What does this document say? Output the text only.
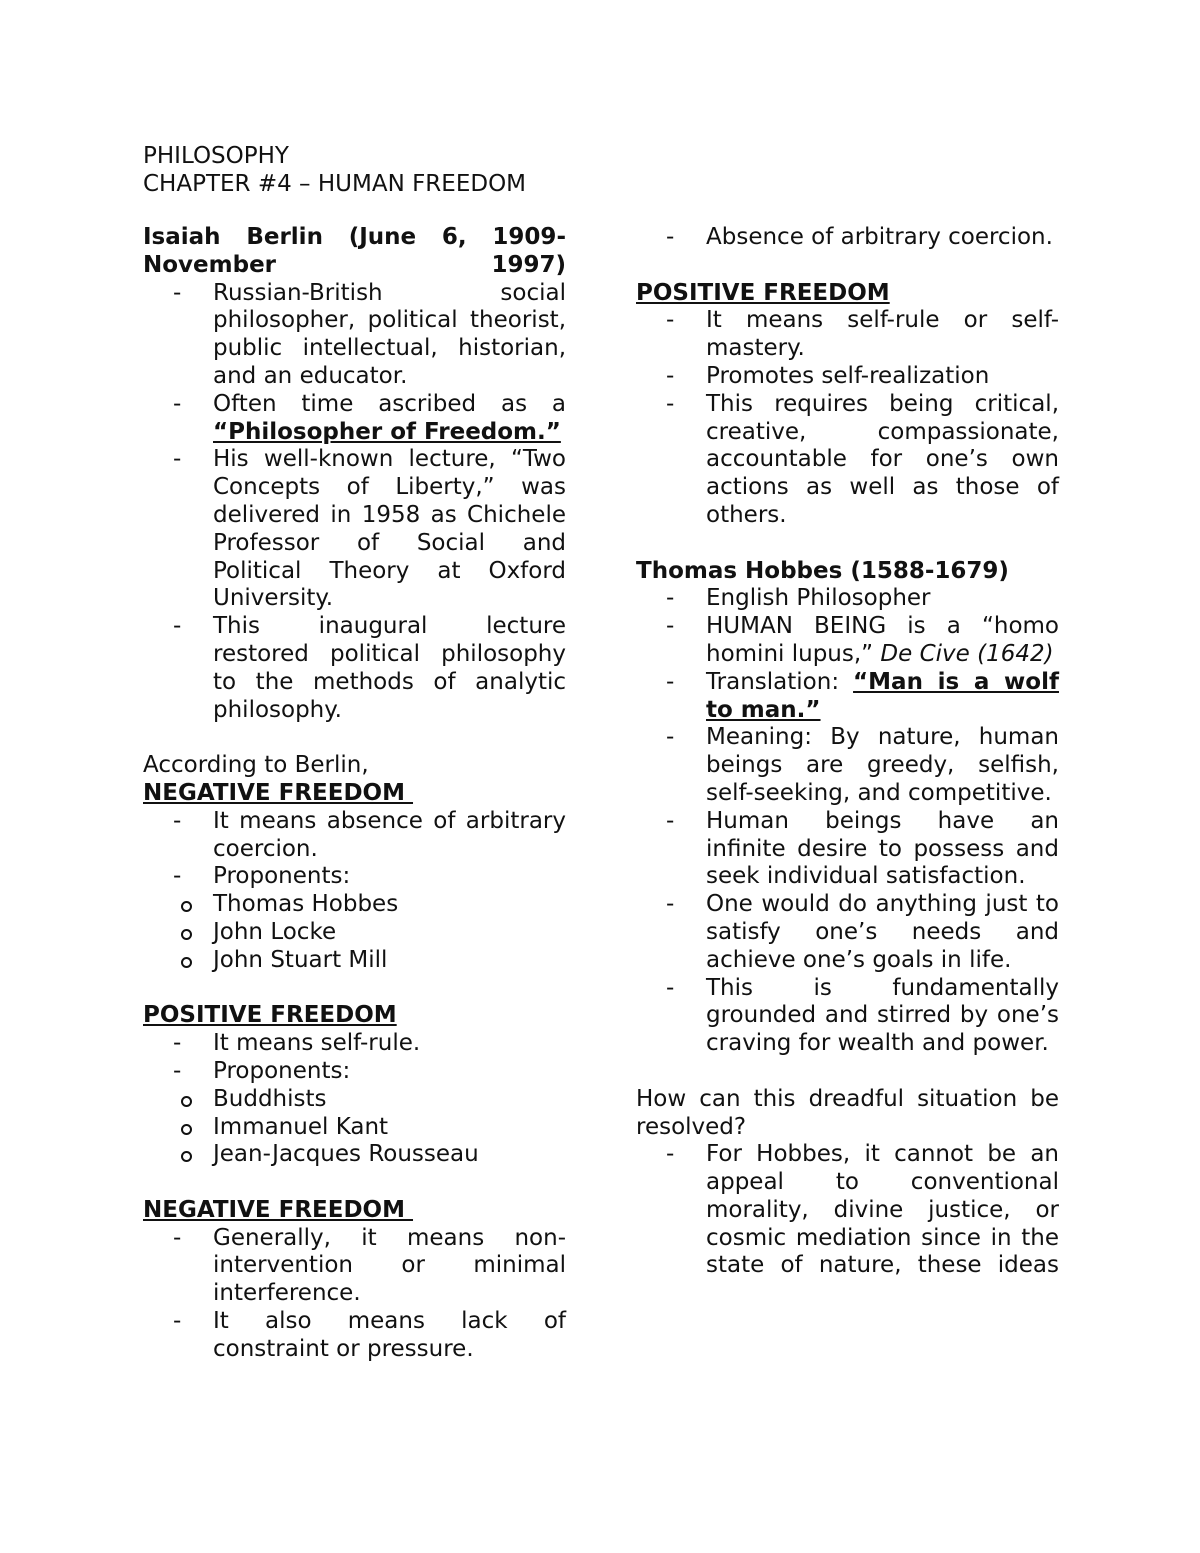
PHILOSOPHY
CHAPTER #4 – HUMAN FREEDOM
Isaiah Berlin (June 6, 1909-November 1997)
- Russian-British social philosopher, political theorist, public intellectual, historian, and an educator.
- Often time ascribed as a
“Philosopher of Freedom.”
- His well-known lecture, “Two Concepts of Liberty,” was delivered in 1958 as Chichele Professor of Social and Political Theory at Oxford University.
- This inaugural lecture restored political philosophy to the methods of analytic philosophy.
According to Berlin,
NEGATIVE FREEDOM
- It means absence of arbitrary coercion.
- Proponents:
Thomas Hobbes
John Locke
John Stuart Mill
POSITIVE FREEDOM
- It means self-rule.
- Proponents:
Buddhists
Immanuel Kant
Jean-Jacques Rousseau
NEGATIVE FREEDOM
- Generally, it means non-intervention or minimal interference.
- It also means lack of constraint or pressure.
- Absence of arbitrary coercion.
POSITIVE FREEDOM
- It means self-rule or self-mastery.
- Promotes self-realization
- This requires being critical, creative, compassionate, accountable for one’s own actions as well as those of others.
Thomas Hobbes (1588-1679)
- English Philosopher
- HUMAN BEING is a “homo homini lupus,” De Cive (1642)
- Translation: “Man is a wolf to man.”
- Meaning: By nature, human beings are greedy, selfish, self-seeking, and competitive.
- Human beings have an infinite desire to possess and seek individual satisfaction.
- One would do anything just to satisfy one’s needs and achieve one’s goals in life.
- This is fundamentally grounded and stirred by one’s craving for wealth and power.
How can this dreadful situation be resolved?
- For Hobbes, it cannot be an appeal to conventional morality, divine justice, or cosmic mediation since in the state of nature, these ideas
